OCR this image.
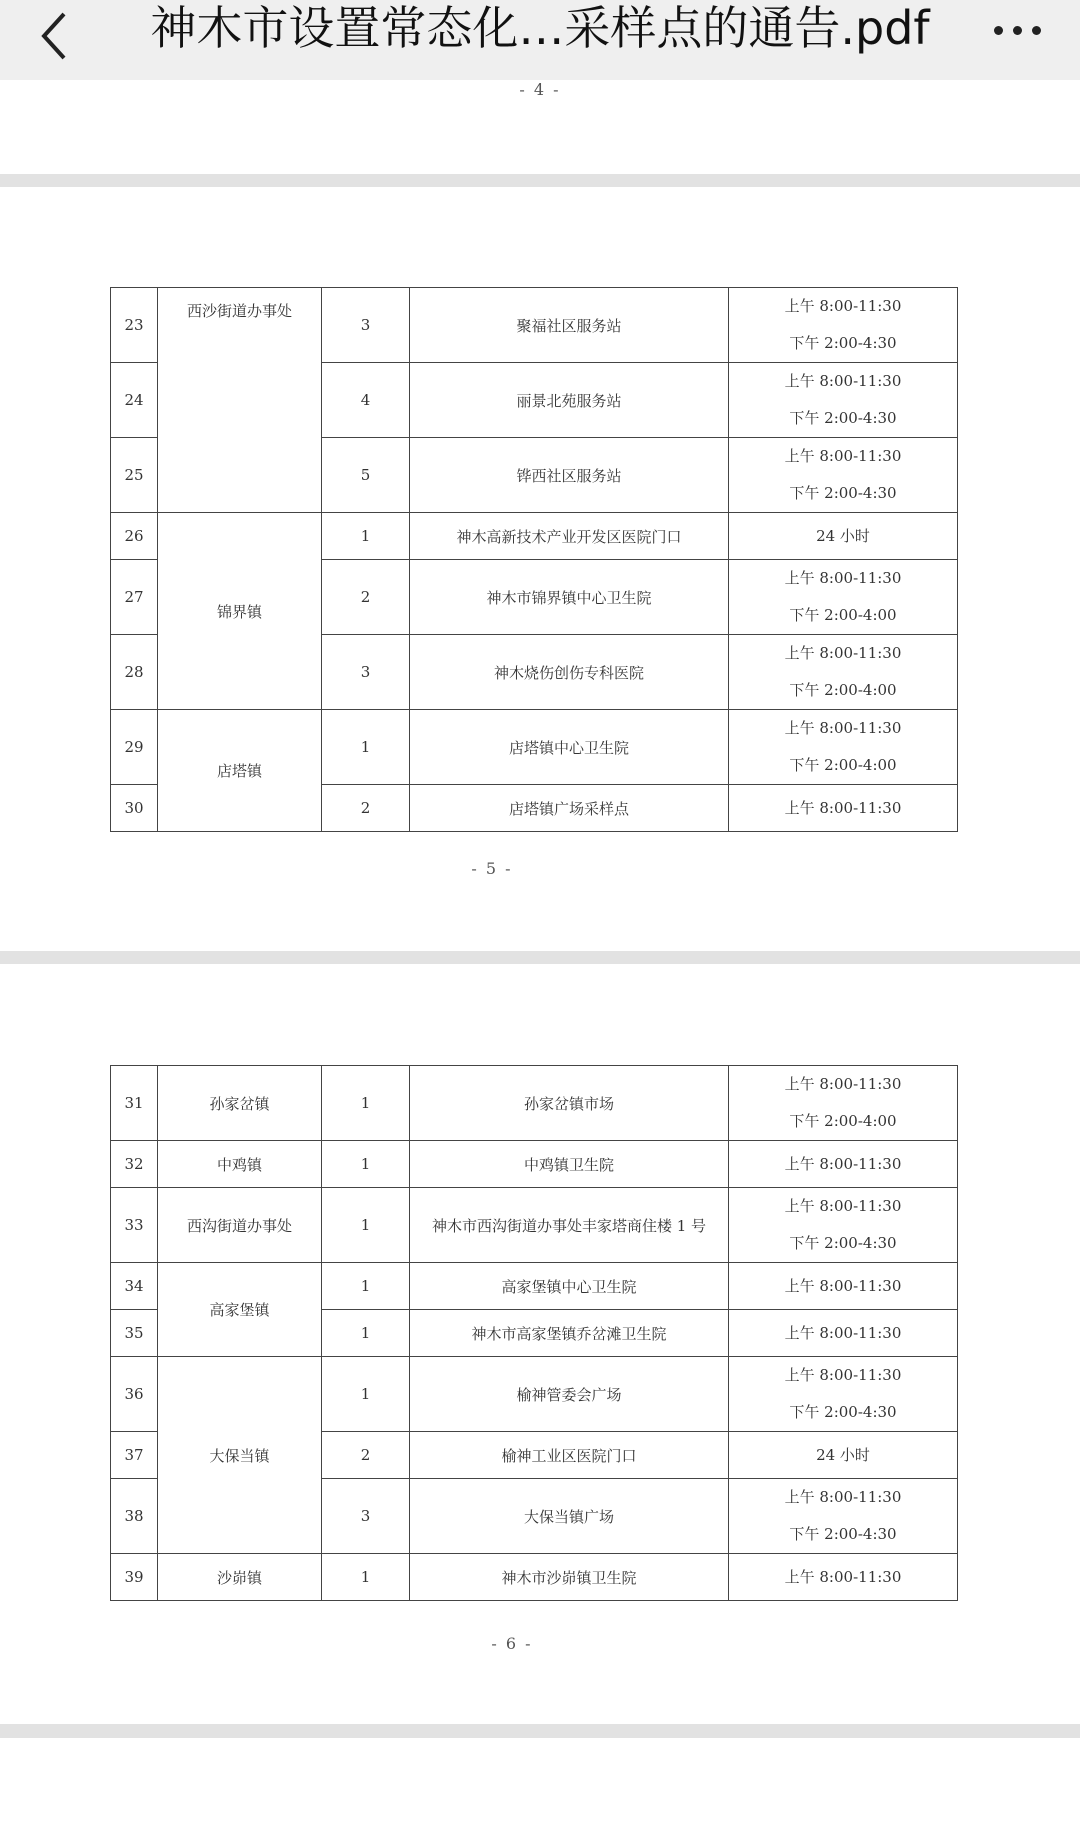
神木市设置常态化…采样点的通告.pdf
- 4 -
23	西沙街道办事处	3	聚福社区服务站	上午 8:00-11:30
下午 2:00-4:30

24		4	丽景北苑服务站	上午 8:00-11:30
下午 2:00-4:30

25		5	铧西社区服务站	上午 8:00-11:30
下午 2:00-4:30

26	锦界镇	1	神木高新技术产业开发区医院门口	24 小时

27		2	神木市锦界镇中心卫生院	上午 8:00-11:30
下午 2:00-4:00

28		3	神木烧伤创伤专科医院	上午 8:00-11:30
下午 2:00-4:00

29	店塔镇	1	店塔镇中心卫生院	上午 8:00-11:30
下午 2:00-4:00

30		2	店塔镇广场采样点	上午 8:00-11:30
- 5 -
31	孙家岔镇	1	孙家岔镇市场	上午 8:00-11:30
下午 2:00-4:00

32	中鸡镇	1	中鸡镇卫生院	上午 8:00-11:30

33	西沟街道办事处	1	神木市西沟街道办事处丰家塔商住楼 1 号	上午 8:00-11:30
下午 2:00-4:30

34	高家堡镇	1	高家堡镇中心卫生院	上午 8:00-11:30

35		1	神木市高家堡镇乔岔滩卫生院	上午 8:00-11:30

36	大保当镇	1	榆神管委会广场	上午 8:00-11:30
下午 2:00-4:30

37		2	榆神工业区医院门口	24 小时

38		3	大保当镇广场	上午 8:00-11:30
下午 2:00-4:30

39	沙峁镇	1	神木市沙峁镇卫生院	上午 8:00-11:30
- 6 -
